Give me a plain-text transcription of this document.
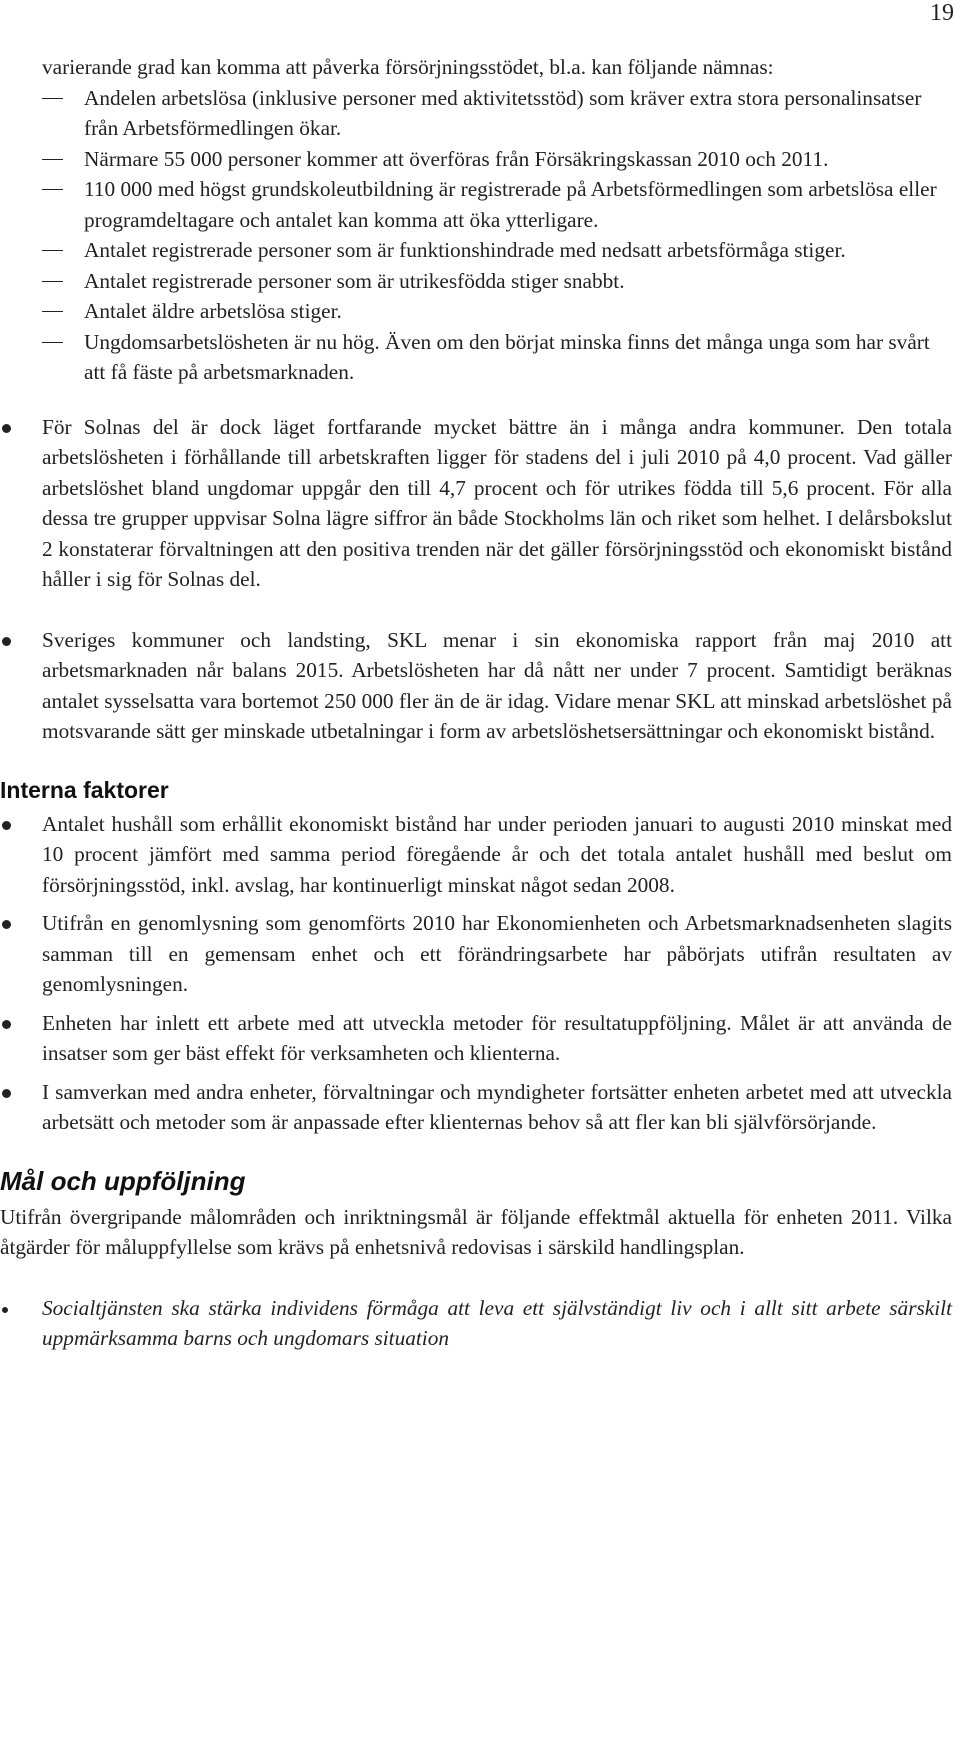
19

varierande grad kan komma att påverka försörjningsstödet, bl.a. kan följande nämnas:

Andelen arbetslösa (inklusive personer med aktivitetsstöd) som kräver extra stora personalinsatser från Arbetsförmedlingen ökar.
Närmare 55 000 personer kommer att överföras från Försäkringskassan 2010 och 2011.
110 000 med högst grundskoleutbildning är registrerade på Arbetsförmedlingen som arbetslösa eller programdeltagare och antalet kan komma att öka ytterligare.
Antalet registrerade personer som är funktionshindrade med nedsatt arbetsförmåga stiger.
Antalet registrerade personer som är utrikesfödda stiger snabbt.
Antalet äldre arbetslösa stiger.
Ungdomsarbetslösheten är nu hög. Även om den börjat minska finns det många unga som har svårt att få fäste på arbetsmarknaden.
För Solnas del är dock läget fortfarande mycket bättre än i många andra kommuner. Den totala arbetslösheten i förhållande till arbetskraften ligger för stadens del i juli 2010 på 4,0 procent. Vad gäller arbetslöshet bland ungdomar uppgår den till 4,7 procent och för utrikes födda till 5,6 procent. För alla dessa tre grupper uppvisar Solna lägre siffror än både Stockholms län och riket som helhet. I delårsbokslut 2 konstaterar förvaltningen att den positiva trenden när det gäller försörjningsstöd och ekonomiskt bistånd håller i sig för Solnas del.
Sveriges kommuner och landsting, SKL menar i sin ekonomiska rapport från maj 2010 att arbetsmarknaden når balans 2015. Arbetslösheten har då nått ner under 7 procent. Samtidigt beräknas antalet sysselsatta vara bortemot 250 000 fler än de är idag. Vidare menar SKL att minskad arbetslöshet på motsvarande sätt ger minskade utbetalningar i form av arbetslöshetsersättningar och ekonomiskt bistånd.
Interna faktorer
Antalet hushåll som erhållit ekonomiskt bistånd har under perioden januari to augusti 2010 minskat med 10 procent jämfört med samma period föregående år och det totala antalet hushåll med beslut om försörjningsstöd, inkl. avslag, har kontinuerligt minskat något sedan 2008.
Utifrån en genomlysning som genomförts 2010 har Ekonomienheten och Arbetsmarknadsenheten slagits samman till en gemensam enhet och ett förändringsarbete har påbörjats utifrån resultaten av genomlysningen.
Enheten har inlett ett arbete med att utveckla metoder för resultatuppföljning. Målet är att använda de insatser som ger bäst effekt för verksamheten och klienterna.
I samverkan med andra enheter, förvaltningar och myndigheter fortsätter enheten arbetet med att utveckla arbetsätt och metoder som är anpassade efter klienternas behov så att fler kan bli självförsörjande.
Mål och uppföljning

Utifrån övergripande målområden och inriktningsmål är följande effektmål aktuella för enheten 2011. Vilka åtgärder för måluppfyllelse som krävs på enhetsnivå redovisas i särskild handlingsplan.

Socialtjänsten ska stärka individens förmåga att leva ett självständigt liv och i allt sitt arbete särskilt uppmärksamma barns och ungdomars situation
